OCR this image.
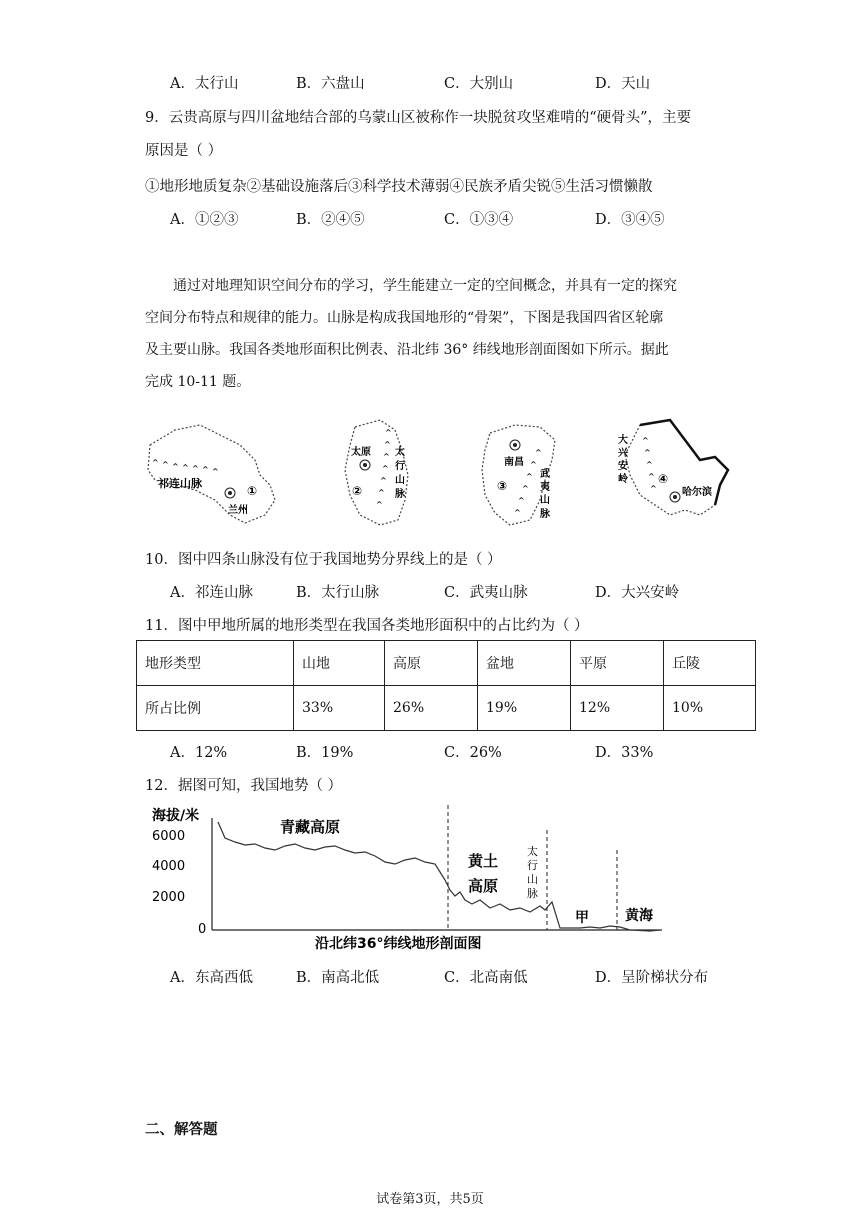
A．太行山	B．六盘山	C．大别山	D．天山
9．云贵高原与四川盆地结合部的乌蒙山区被称作一块脱贫攻坚难啃的“硬骨头”，主要
原因是（ ）
①地形地质复杂②基础设施落后③科学技术薄弱④民族矛盾尖锐⑤生活习惯懒散
A．①②③	B．②④⑤	C．①③④	D．③④⑤
通过对地理知识空间分布的学习，学生能建立一定的空间概念，并具有一定的探究
空间分布特点和规律的能力。山脉是构成我国地形的“骨架”，下图是我国四省区轮廓
及主要山脉。我国各类地形面积比例表、沿北纬 36° 纬线地形剖面图如下所示。据此
完成 10-11 题。
^ ^ ^ ^ ^ ^ ^
祁连山脉
①
兰州
^
^
^
^
^
^
^
太原 太
行
山
脉
②
^
^
^
^
^
^
南昌
武
夷
山
脉
③
^
^
^
^
^
大
兴
安
岭	④
哈尔滨
10．图中四条山脉没有位于我国地势分界线上的是（ ）
A．祁连山脉	B．太行山脉	C．武夷山脉	D．大兴安岭
11．图中甲地所属的地形类型在我国各类地形面积中的占比约为（ ）
地形类型	山地	高原	盆地	平原	丘陵
所占比例	33%	26%	19%	12%	10%
A．12%	B．19%	C．26%	D．33%
12．据图可知，我国地势（ ）
海拔/米
6000
4000
2000
0
青藏高原
黄土
高原
太
行
山
脉
甲	黄海
沿北纬36°纬线地形剖面图
A．东高西低	B．南高北低	C．北高南低	D．呈阶梯状分布
二、解答题
试卷第3页，共5页
